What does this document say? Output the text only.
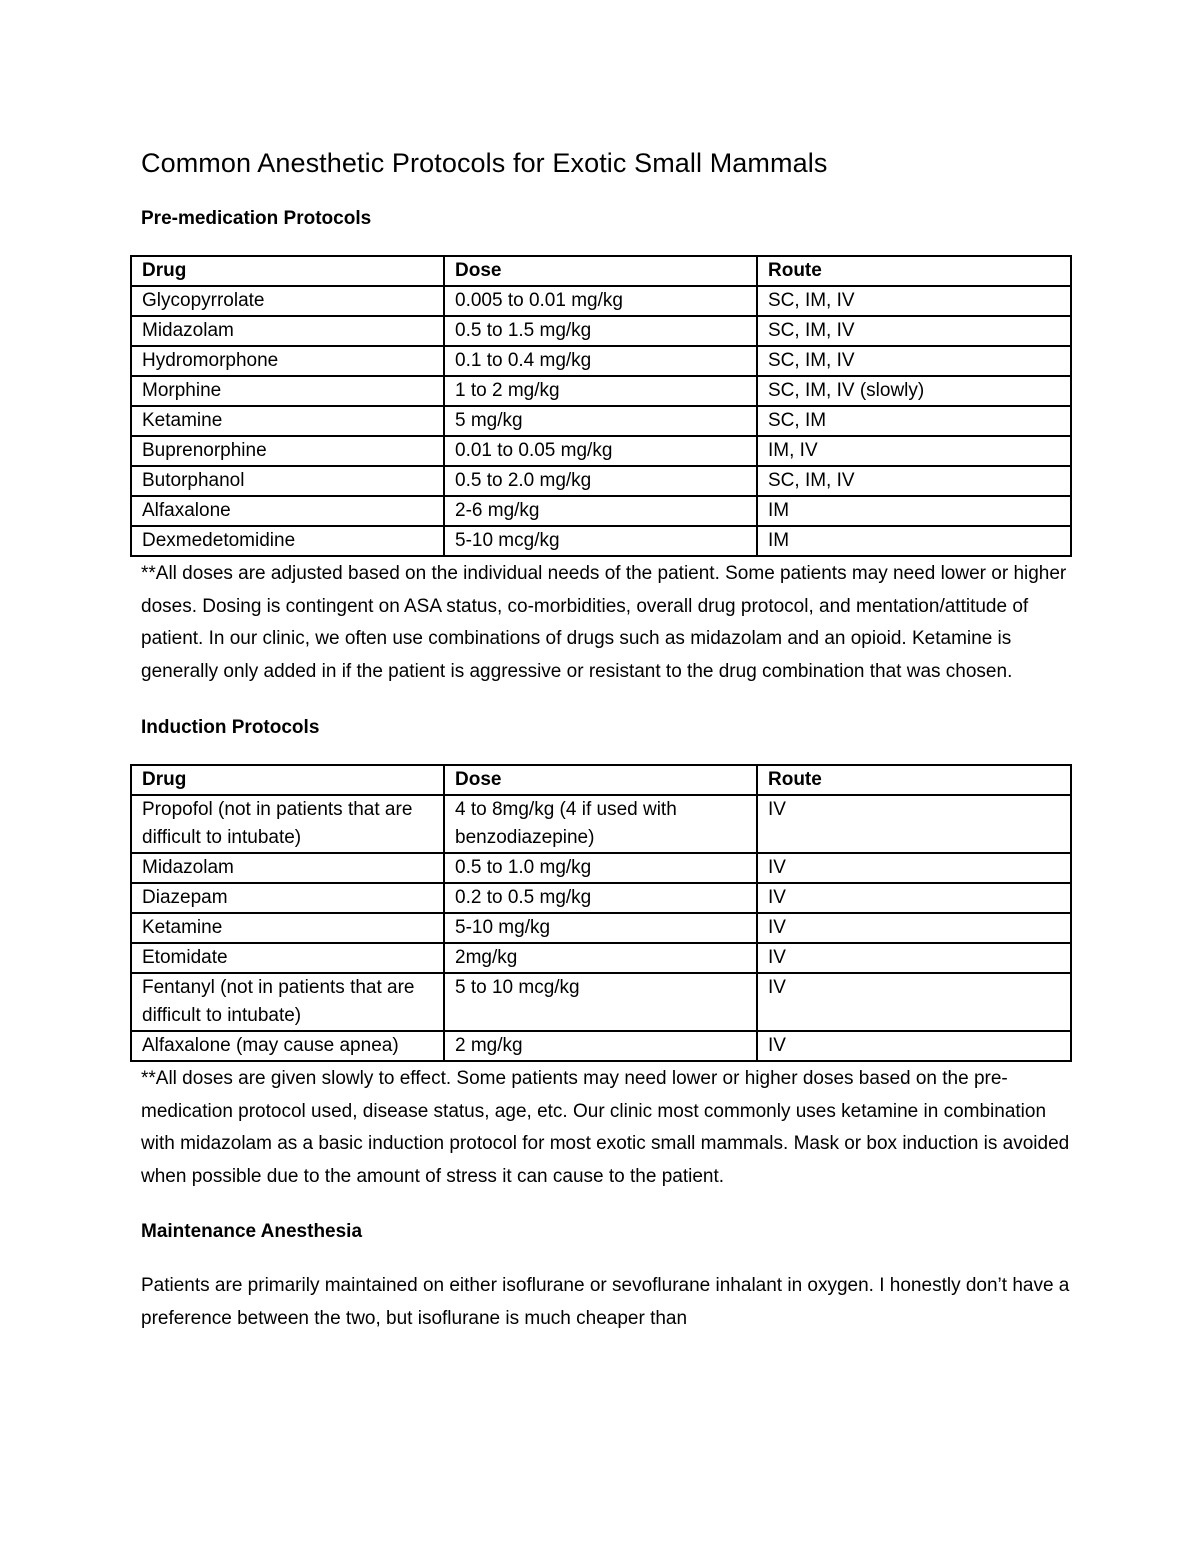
Common Anesthetic Protocols for Exotic Small Mammals
Pre-medication Protocols
Drug	Dose	Route
Glycopyrrolate	0.005 to 0.01 mg/kg	SC, IM, IV
Midazolam	0.5 to 1.5 mg/kg	SC, IM, IV
Hydromorphone	0.1 to 0.4 mg/kg	SC, IM, IV
Morphine	1 to 2 mg/kg	SC, IM, IV (slowly)
Ketamine	5 mg/kg	SC, IM
Buprenorphine	0.01 to 0.05 mg/kg	IM, IV
Butorphanol	0.5 to 2.0 mg/kg	SC, IM, IV
Alfaxalone	2-6 mg/kg	IM
Dexmedetomidine	5-10 mcg/kg	IM

**All doses are adjusted based on the individual needs of the patient. Some patients may need lower or higher doses. Dosing is contingent on ASA status, co-morbidities, overall drug protocol, and mentation/attitude of patient. In our clinic, we often use combinations of drugs such as midazolam and an opioid. Ketamine is generally only added in if the patient is aggressive or resistant to the drug combination that was chosen.

Induction Protocols
Drug	Dose	Route
Propofol (not in patients that are difficult to intubate)	4 to 8mg/kg (4 if used with benzodiazepine)	IV
Midazolam	0.5 to 1.0 mg/kg	IV
Diazepam	0.2 to 0.5 mg/kg	IV
Ketamine	5-10 mg/kg	IV
Etomidate	2mg/kg	IV
Fentanyl (not in patients that are difficult to intubate)	5 to 10 mcg/kg	IV
Alfaxalone (may cause apnea)	2 mg/kg	IV

**All doses are given slowly to effect. Some patients may need lower or higher doses based on the pre-medication protocol used, disease status, age, etc. Our clinic most commonly uses ketamine in combination with midazolam as a basic induction protocol for most exotic small mammals. Mask or box induction is avoided when possible due to the amount of stress it can cause to the patient.

Maintenance Anesthesia

Patients are primarily maintained on either isoflurane or sevoflurane inhalant in oxygen. I honestly don’t have a preference between the two, but isoflurane is much cheaper than
